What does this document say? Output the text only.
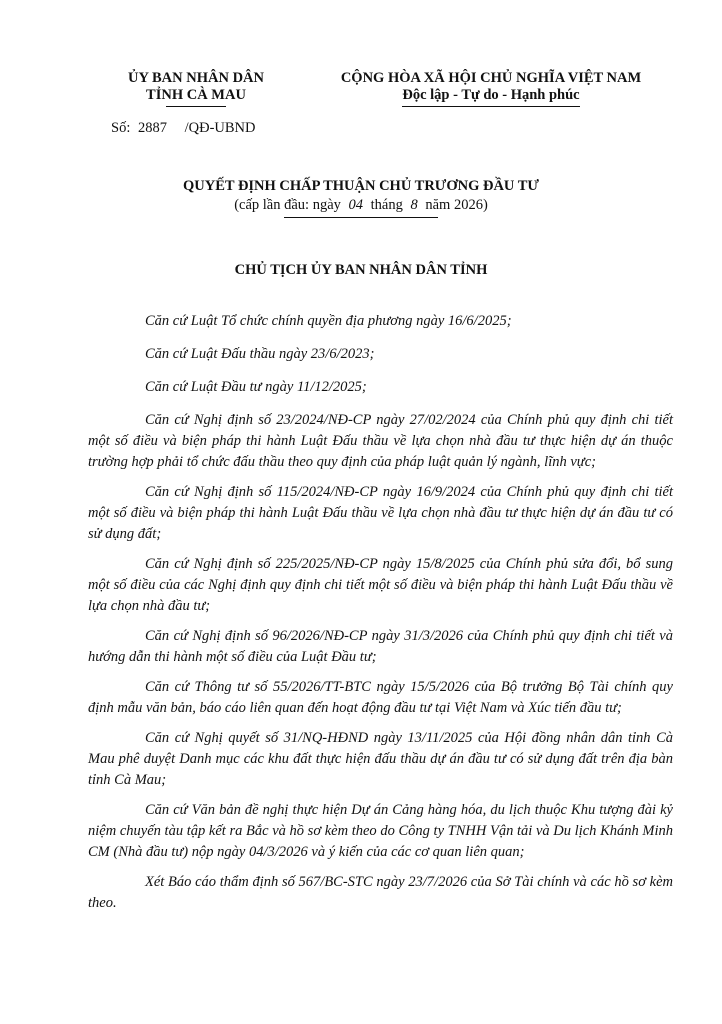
ỦY BAN NHÂN DÂN
TỈNH CÀ MAU
CỘNG HÒA XÃ HỘI CHỦ NGHĨA VIỆT NAM
Độc lập - Tự do - Hạnh phúc
Số: 2887 /QĐ-UBND
QUYẾT ĐỊNH CHẤP THUẬN CHỦ TRƯƠNG ĐẦU TƯ
(cấp lần đầu: ngày 04 tháng 8 năm 2026)
CHỦ TỊCH ỦY BAN NHÂN DÂN TỈNH

Căn cứ Luật Tổ chức chính quyền địa phương ngày 16/6/2025;

Căn cứ Luật Đấu thầu ngày 23/6/2023;

Căn cứ Luật Đầu tư ngày 11/12/2025;

Căn cứ Nghị định số 23/2024/NĐ-CP ngày 27/02/2024 của Chính phủ quy định chi tiết một số điều và biện pháp thi hành Luật Đấu thầu về lựa chọn nhà đầu tư thực hiện dự án thuộc trường hợp phải tổ chức đấu thầu theo quy định của pháp luật quản lý ngành, lĩnh vực;

Căn cứ Nghị định số 115/2024/NĐ-CP ngày 16/9/2024 của Chính phủ quy định chi tiết một số điều và biện pháp thi hành Luật Đấu thầu về lựa chọn nhà đầu tư thực hiện dự án đầu tư có sử dụng đất;

Căn cứ Nghị định số 225/2025/NĐ-CP ngày 15/8/2025 của Chính phủ sửa đổi, bổ sung một số điều của các Nghị định quy định chi tiết một số điều và biện pháp thi hành Luật Đấu thầu về lựa chọn nhà đầu tư;

Căn cứ Nghị định số 96/2026/NĐ-CP ngày 31/3/2026 của Chính phủ quy định chi tiết và hướng dẫn thi hành một số điều của Luật Đầu tư;

Căn cứ Thông tư số 55/2026/TT-BTC ngày 15/5/2026 của Bộ trưởng Bộ Tài chính quy định mẫu văn bản, báo cáo liên quan đến hoạt động đầu tư tại Việt Nam và Xúc tiến đầu tư;

Căn cứ Nghị quyết số 31/NQ-HĐND ngày 13/11/2025 của Hội đồng nhân dân tỉnh Cà Mau phê duyệt Danh mục các khu đất thực hiện đấu thầu dự án đầu tư có sử dụng đất trên địa bàn tỉnh Cà Mau;

Căn cứ Văn bản đề nghị thực hiện Dự án Cảng hàng hóa, du lịch thuộc Khu tượng đài kỷ niệm chuyến tàu tập kết ra Bắc và hồ sơ kèm theo do Công ty TNHH Vận tải và Du lịch Khánh Minh CM (Nhà đầu tư) nộp ngày 04/3/2026 và ý kiến của các cơ quan liên quan;

Xét Báo cáo thẩm định số 567/BC-STC ngày 23/7/2026 của Sở Tài chính và các hồ sơ kèm theo.
